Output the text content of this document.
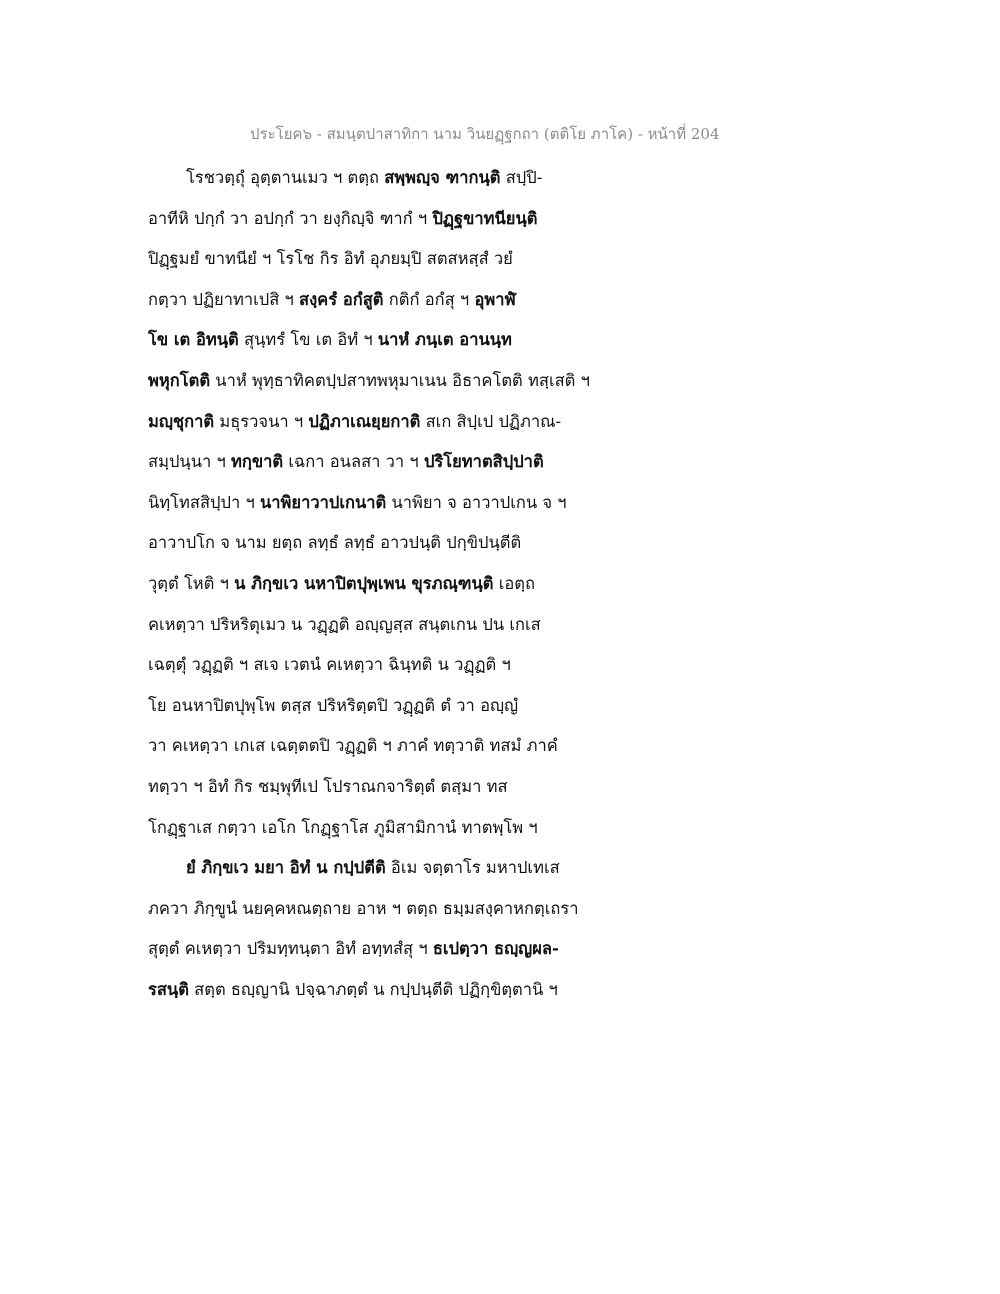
ประโยค๖ - สมนฺตปาสาทิกา นาม วินยฏฺฐกถา (ตติโย ภาโค) - หน้าที่ 204
โรชวตฺถุํ อุตฺตานเมว ฯ ตตฺถ สพฺพญฺจ ฑากนฺติ สปฺปิ-
อาทีหิ ปกฺกํ วา อปกฺกํ วา ยงฺกิญฺจิ ฑากํ ฯ ปิฏฺฐขาทนียนฺติ
ปิฏฺฐมยํ ขาทนียํ ฯ โรโช กิร อิทํ อุภยมฺปิ สตสหสฺสํ วยํ
กตฺวา ปฏิยาทาเปสิ ฯ สงฺครํ อกํสูติ กติกํ อกํสุ ฯ อุพาฬํ
โข เต อิทนฺติ สุนฺทรํ โข เต อิทํ ฯ นาหํ ภนฺเต อานนฺท
พหุกโตติ นาหํ พุทฺธาทิคตปฺปสาทพหุมาเนน อิธาคโตติ ทสฺเสติ ฯ
มญฺชุกาติ มธุรวจนา ฯ ปฏิภาเณยฺยกาติ สเก สิปฺเป ปฏิภาณ-
สมฺปนฺนา ฯ ทกฺขาติ เฉกา อนลสา วา ฯ ปริโยทาตสิปฺปาติ
นิทฺโทสสิปฺปา ฯ นาพิยาวาปเกนาติ นาพิยา จ อาวาปเกน จ ฯ
อาวาปโก จ นาม ยตฺถ ลทฺธํ ลทฺธํ อาวปนฺติ ปกฺขิปนฺตีติ
วุตฺตํ โหติ ฯ น ภิกฺขเว นหาปิตปุพฺเพน ขุรภณฺฑนฺติ เอตฺถ
คเหตฺวา ปริหริตุเมว น วฏฺฏติ อญฺญสฺส สนฺตเกน ปน เกเส
เฉตฺตุํ วฏฺฏติ ฯ สเจ เวตนํ คเหตฺวา ฉินฺทติ น วฏฺฏติ ฯ
โย อนหาปิตปุพฺโพ ตสฺส ปริหริตฺตปิ วฏฺฏติ ตํ วา อญฺญํ
วา คเหตฺวา เกเส เฉตฺตตปิ วฏฺฏติ ฯ ภาคํ ทตฺวาติ ทสมํ ภาคํ
ทตฺวา ฯ อิทํ กิร ชมฺพุทีเป โปราณกจาริตฺตํ ตสฺมา ทส
โกฏฺฐาเส กตฺวา เอโก โกฏฺฐาโส ภูมิสามิกานํ ทาตพฺโพ ฯ
ยํ ภิกฺขเว มยา อิทํ น กปฺปตีติ อิเม จตฺตาโร มหาปเทเส
ภควา ภิกฺขูนํ นยคฺคหณตฺถาย อาห ฯ ตตฺถ ธมฺมสงฺคาหกตฺเถรา
สุตฺตํ คเหตฺวา ปริมทฺทนฺตา อิทํ อทฺทสํสุ ฯ ธเปตฺวา ธญฺญผล-
รสนฺติ สตฺต ธญฺญานิ ปจฺฉาภตฺตํ น กปฺปนฺตีติ ปฏิกฺขิตฺตานิ ฯ
